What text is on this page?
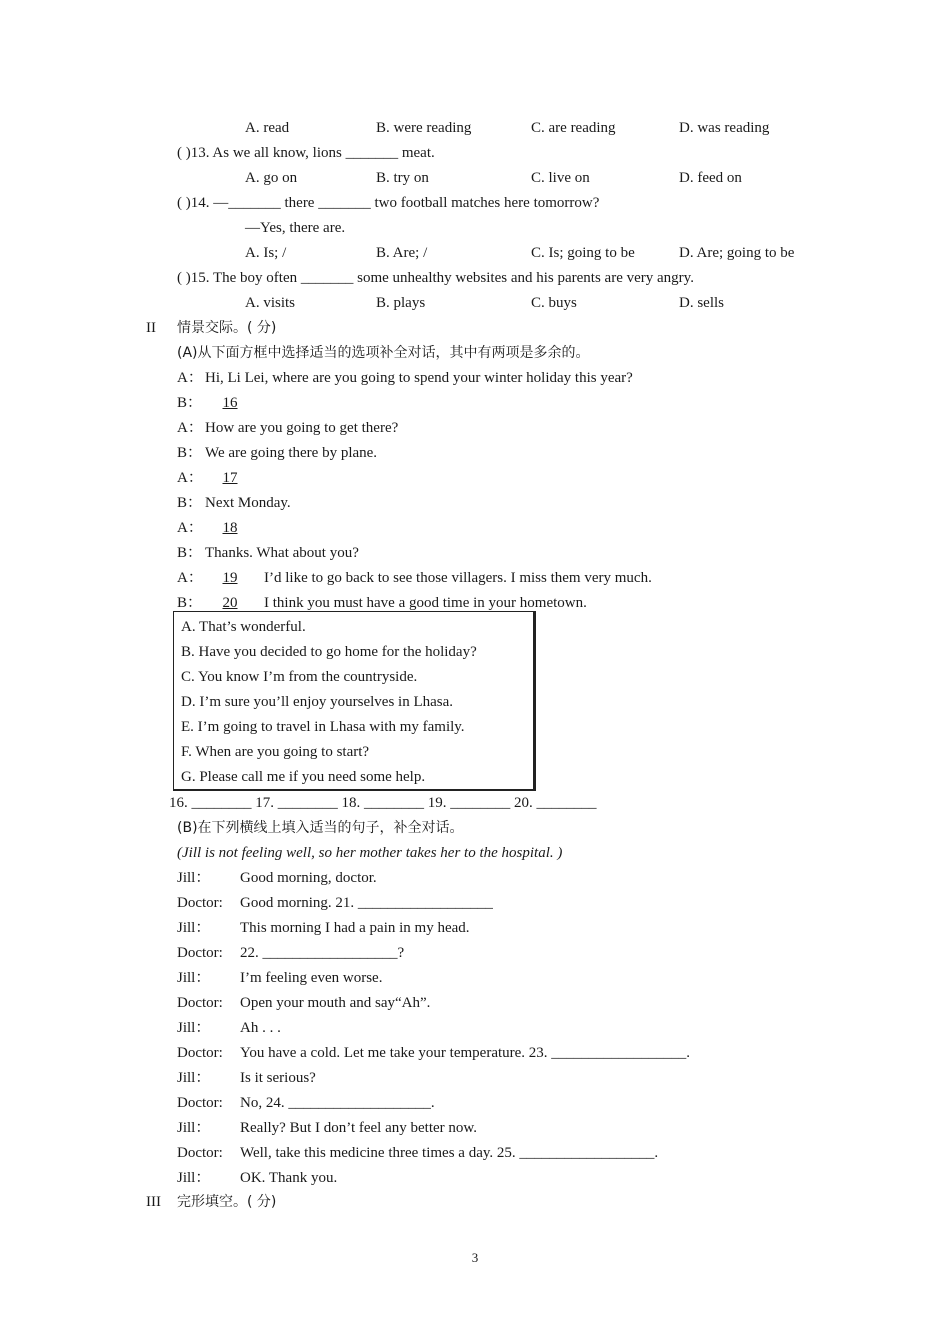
A. read	B. were reading	C. are reading	D. was reading
( )13. As we all know, lions _______ meat.
A. go on	B. try on	C. live on	D. feed on
( )14. —_______ there _______ two football matches here tomorrow?
—Yes, there are.
A. Is; /	B. Are; /	C. Is; going to be	D. Are; going to be
( )15. The boy often _______ some unhealthy websites and his parents are very angry.
A. visits	B. plays	C. buys	D. sells
II 情景交际。( 分)
(A)从下面方框中选择适当的选项补全对话，其中有两项是多余的。
A： Hi, Li Lei, where are you going to spend your winter holiday this year?
B：	16
A： How are you going to get there?
B： We are going there by plane.
A：	17
B： Next Monday.
A：	18
B： Thanks. What about you?
A：	19	I’d like to go back to see those villagers. I miss them very much.
B：	20	I think you must have a good time in your hometown.
A. That’s wonderful.
B. Have you decided to go home for the holiday?
C. You know I’m from the countryside.
D. I’m sure you’ll enjoy yourselves in Lhasa.
E. I’m going to travel in Lhasa with my family.
F. When are you going to start?
G. Please call me if you need some help.
16. ________ 17. ________ 18. ________ 19. ________ 20. ________
(B)在下列横线上填入适当的句子，补全对话。
(Jill is not feeling well, so her mother takes her to the hospital. )
Jill： Good morning, doctor.
Doctor: Good morning. 21. __________________
Jill： This morning I had a pain in my head.
Doctor: 22. __________________?
Jill： I’m feeling even worse.
Doctor: Open your mouth and say“Ah”.
Jill： Ah . . .
Doctor: You have a cold. Let me take your temperature. 23. __________________.
Jill： Is it serious?
Doctor: No, 24. ___________________.
Jill： Really? But I don’t feel any better now.
Doctor: Well, take this medicine three times a day. 25. __________________.
Jill： OK. Thank you.
III 完形填空。( 分)
3
